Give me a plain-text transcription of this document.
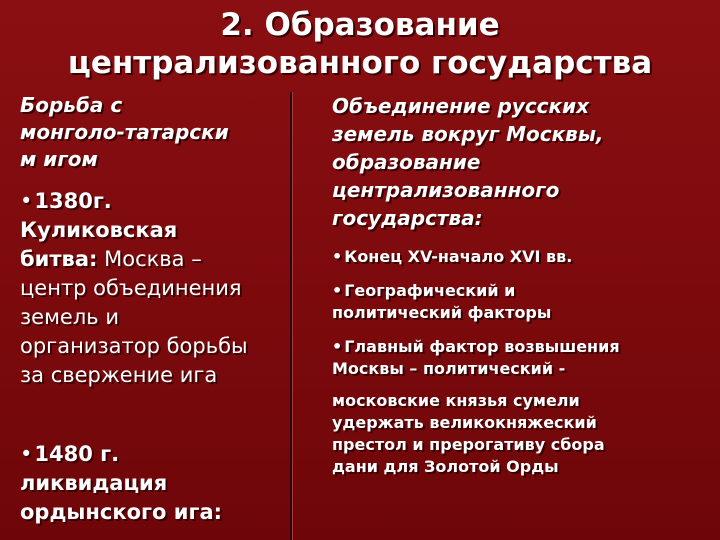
2. Образование
централизованного государства
Борьба с
монголо-татарски
м игом
•1380г.
Куликовская
битва: Москва –
центр объединения
земель и
организатор борьбы
за свержение ига
•1480 г.
ликвидация
ордынского ига:
Объединение русских
земель вокруг Москвы,
образование
централизованного
государства:
• Конец XV-начало XVI вв.
• Географический и
политический факторы
• Главный фактор возвышения
Москвы – политический -
московские князья сумели
удержать великокняжеский
престол и прерогативу сбора
дани для Золотой Орды
